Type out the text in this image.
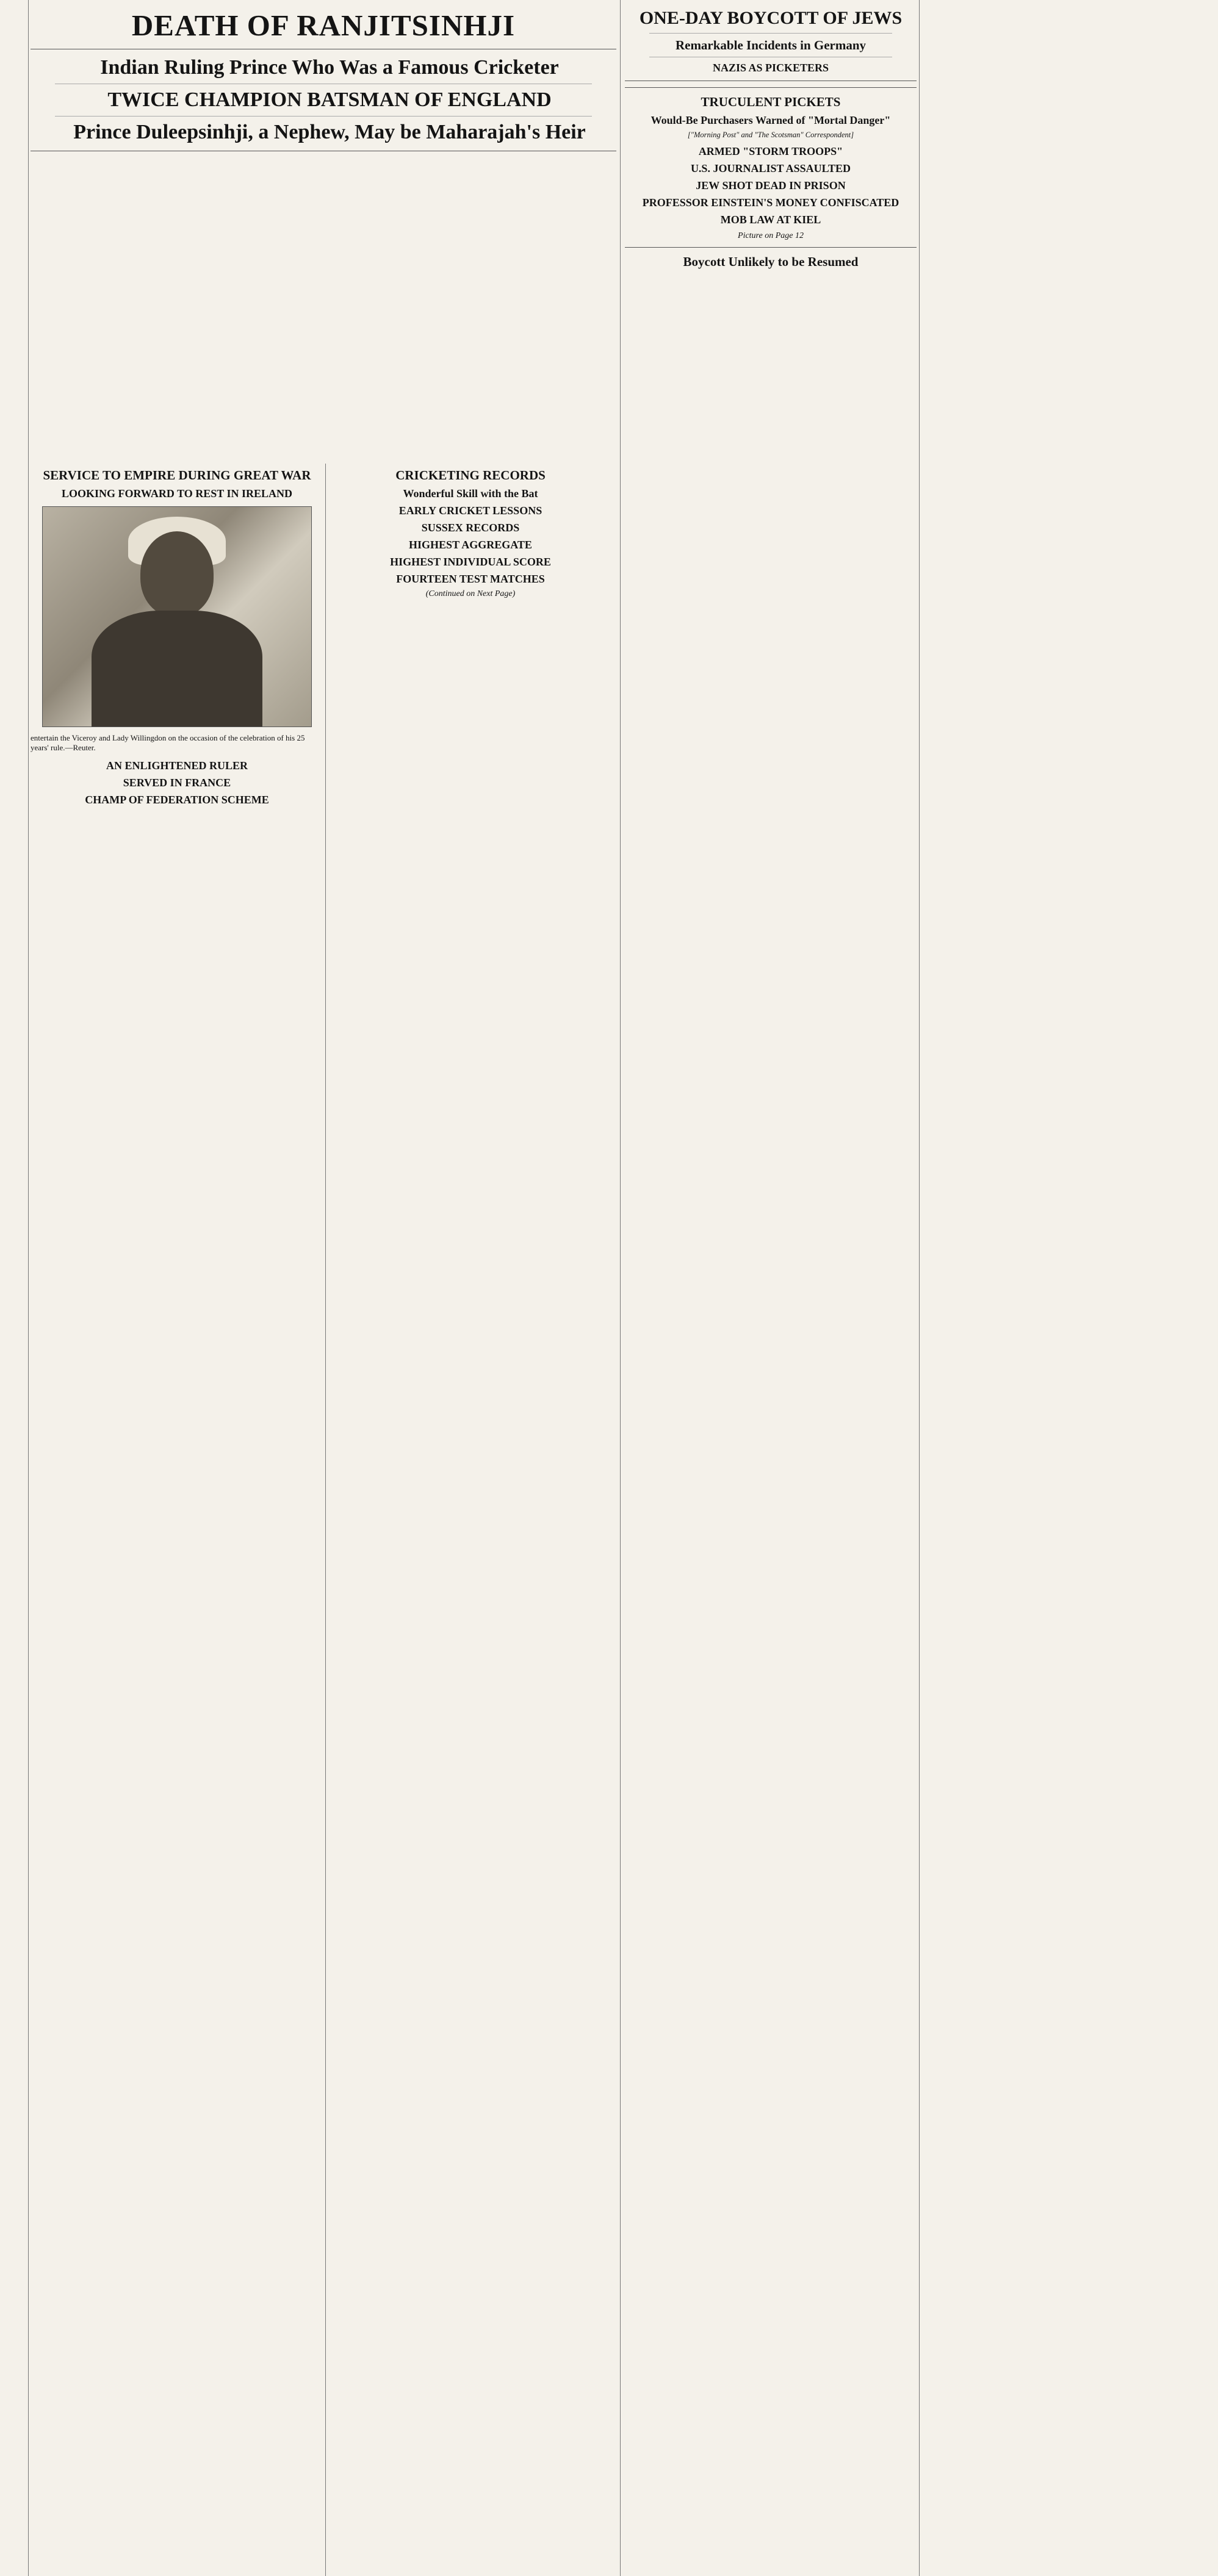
DEATH OF RANJITSINHJI
Indian Ruling Prince Who Was a Famous Cricketer
TWICE CHAMPION BATSMAN OF ENGLAND
Prince Duleepsinhji, a Nephew, May be Maharajah's Heir
SERVICE TO EMPIRE DURING GREAT WAR
LOOKING FORWARD TO REST IN IRELAND
entertain the Viceroy and Lady Willingdon on the occasion of the celebration of his 25 years' rule.—Reuter.
AN ENLIGHTENED RULER
SERVED IN FRANCE
CHAMP OF FEDERATION SCHEME
CRICKETING RECORDS
Wonderful Skill with the Bat
EARLY CRICKET LESSONS
SUSSEX RECORDS
HIGHEST AGGREGATE
HIGHEST INDIVIDUAL SCORE
FOURTEEN TEST MATCHES
(Continued on Next Page)
ONE-DAY BOYCOTT OF JEWS
Remarkable Incidents in Germany
NAZIS AS PICKETERS
TRUCULENT PICKETS
Would-Be Purchasers Warned of "Mortal Danger"
["Morning Post" and "The Scotsman" Correspondent]
ARMED "STORM TROOPS"
U.S. JOURNALIST ASSAULTED
JEW SHOT DEAD IN PRISON
PROFESSOR EINSTEIN'S MONEY CONFISCATED
MOB LAW AT KIEL
Picture on Page 12
Boycott Unlikely to be Resumed
